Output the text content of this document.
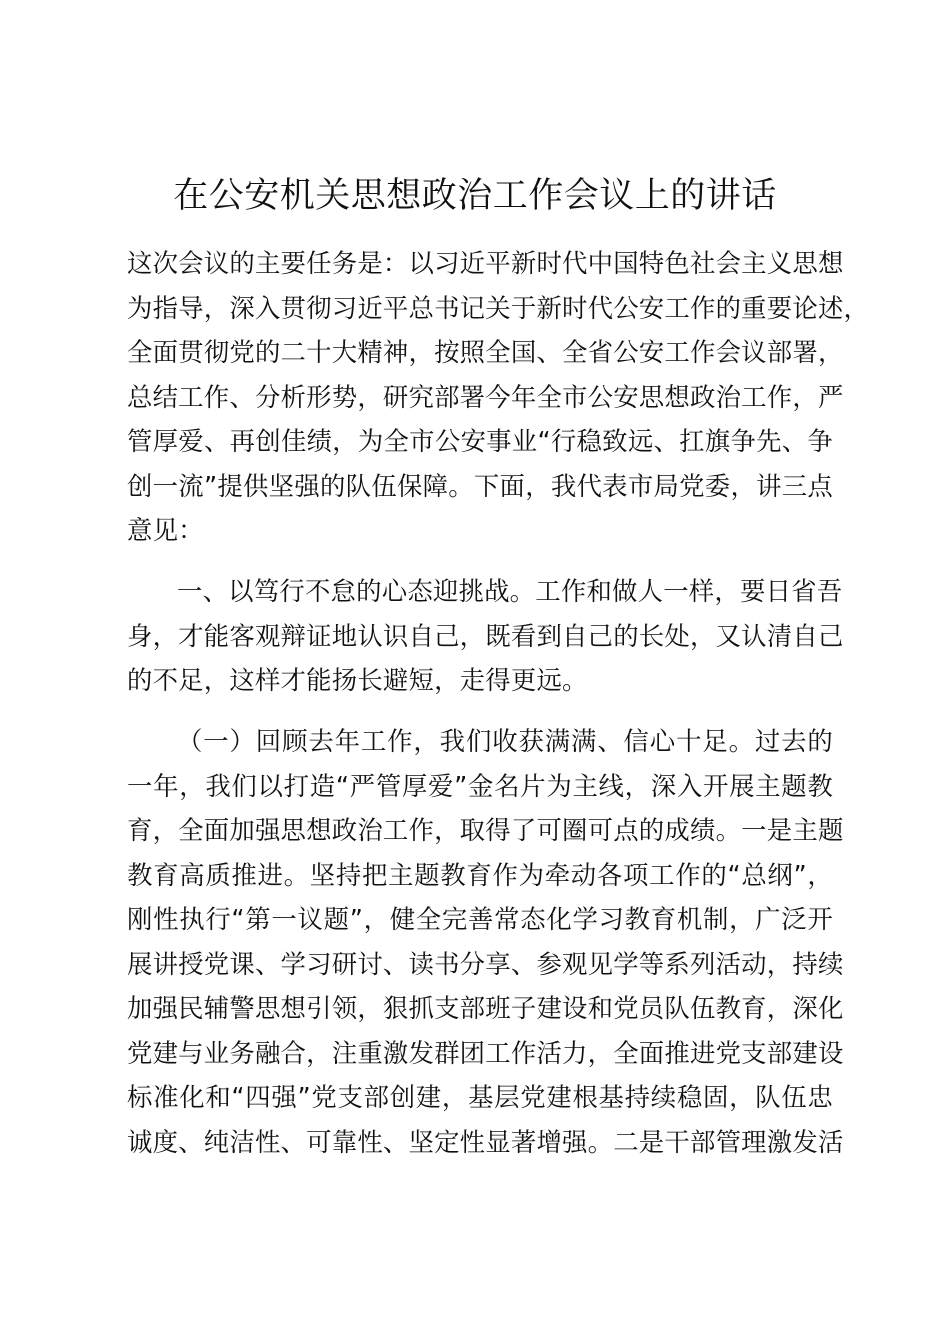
在公安机关思想政治工作会议上的讲话
这次会议的主要任务是：以习近平新时代中国特色社会主义思想
为指导，深入贯彻习近平总书记关于新时代公安工作的重要论述，
全面贯彻党的二十大精神，按照全国、全省公安工作会议部署，
总结工作、分析形势，研究部署今年全市公安思想政治工作，严
管厚爱、再创佳绩，为全市公安事业“行稳致远、扛旗争先、争
创一流”提供坚强的队伍保障。下面，我代表市局党委，讲三点
意见：
一、以笃行不怠的心态迎挑战。工作和做人一样，要日省吾
身，才能客观辩证地认识自己，既看到自己的长处，又认清自己
的不足，这样才能扬长避短，走得更远。
（一）回顾去年工作，我们收获满满、信心十足。过去的
一年，我们以打造“严管厚爱”金名片为主线，深入开展主题教
育，全面加强思想政治工作，取得了可圈可点的成绩。一是主题
教育高质推进。坚持把主题教育作为牵动各项工作的“总纲”，
刚性执行“第一议题”，健全完善常态化学习教育机制，广泛开
展讲授党课、学习研讨、读书分享、参观见学等系列活动，持续
加强民辅警思想引领，狠抓支部班子建设和党员队伍教育，深化
党建与业务融合，注重激发群团工作活力，全面推进党支部建设
标准化和“四强”党支部创建，基层党建根基持续稳固，队伍忠
诚度、纯洁性、可靠性、坚定性显著增强。二是干部管理激发活
